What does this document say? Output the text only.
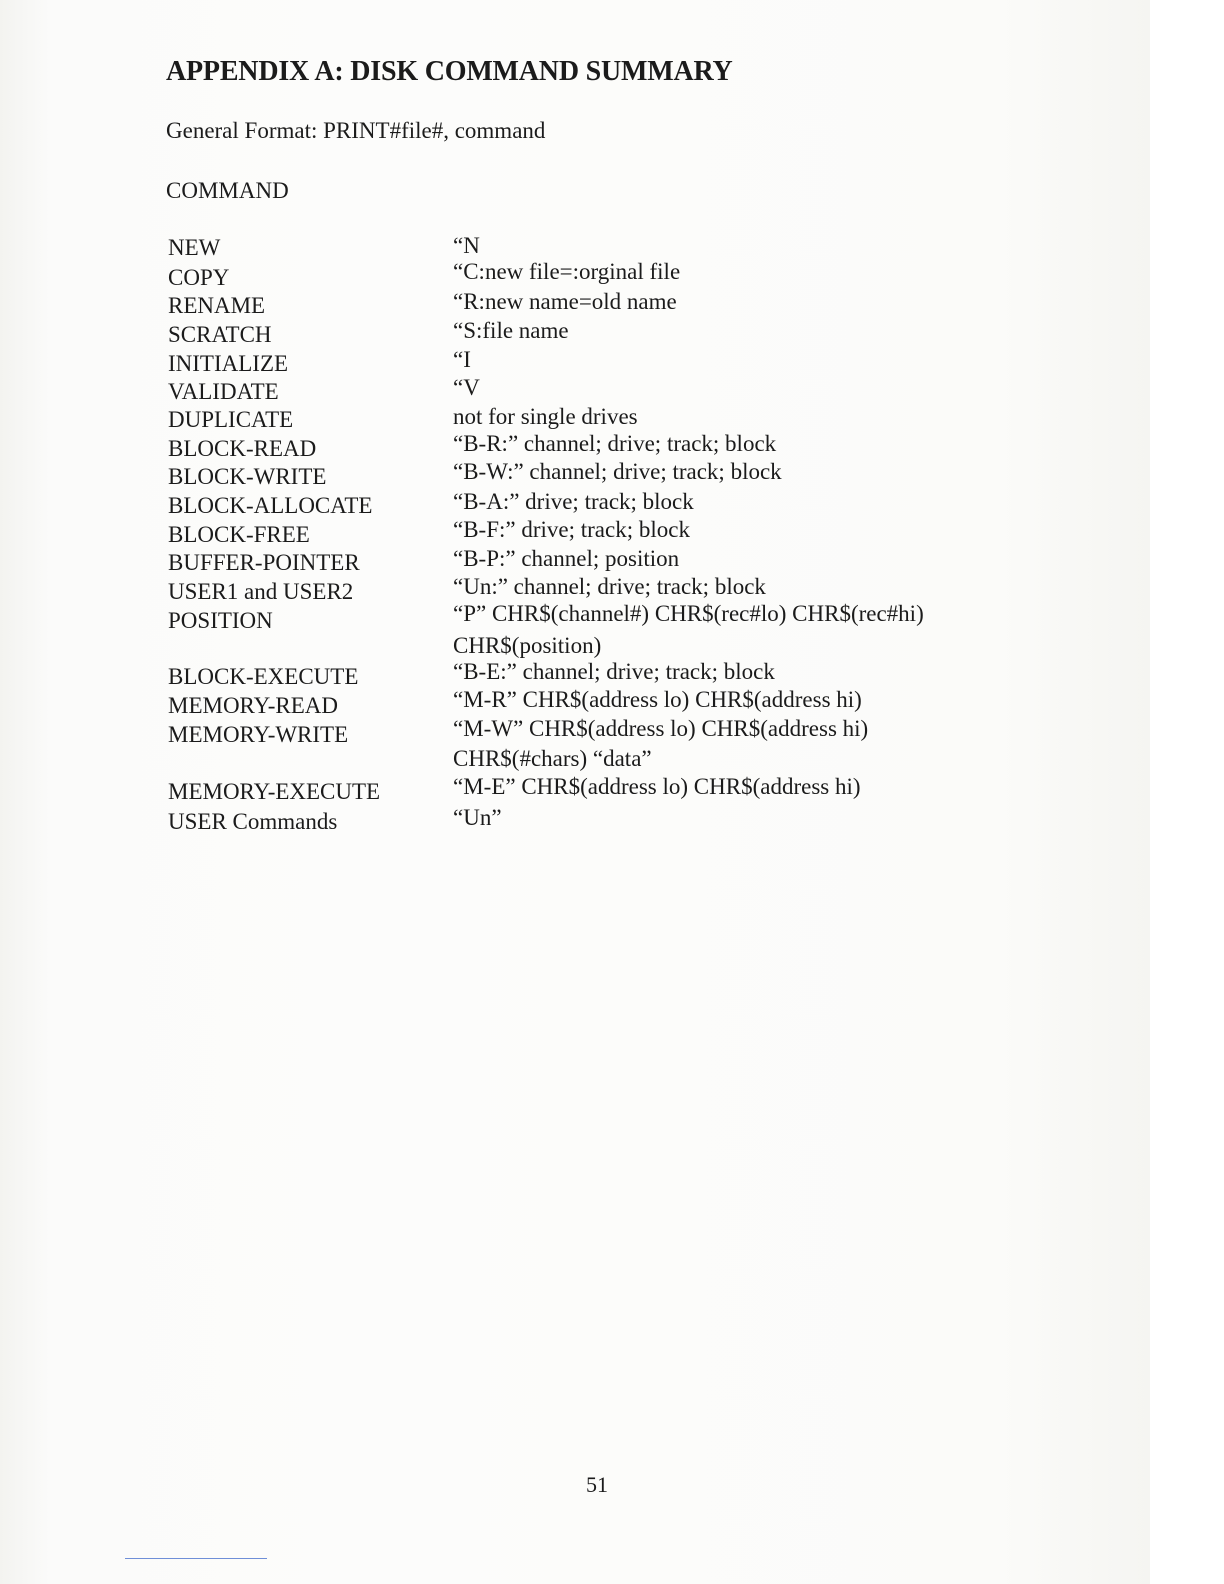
APPENDIX A: DISK COMMAND SUMMARY
General Format: PRINT#file#, command
COMMAND
NEW	“N
COPY	“C:new file=:orginal file
RENAME	“R:new name=old name
SCRATCH	“S:file name
INITIALIZE	“I
VALIDATE	“V
DUPLICATE	not for single drives
BLOCK-READ	“B-R:” channel; drive; track; block
BLOCK-WRITE	“B-W:” channel; drive; track; block
BLOCK-ALLOCATE	“B-A:” drive; track; block
BLOCK-FREE	“B-F:” drive; track; block
BUFFER-POINTER	“B-P:” channel; position
USER1 and USER2	“Un:” channel; drive; track; block
POSITION	“P” CHR$(channel#) CHR$(rec#lo) CHR$(rec#hi)
CHR$(position)
BLOCK-EXECUTE	“B-E:” channel; drive; track; block
MEMORY-READ	“M-R” CHR$(address lo) CHR$(address hi)
MEMORY-WRITE	“M-W” CHR$(address lo) CHR$(address hi)
CHR$(#chars) “data”
MEMORY-EXECUTE	“M-E” CHR$(address lo) CHR$(address hi)
USER Commands	“Un”
51
